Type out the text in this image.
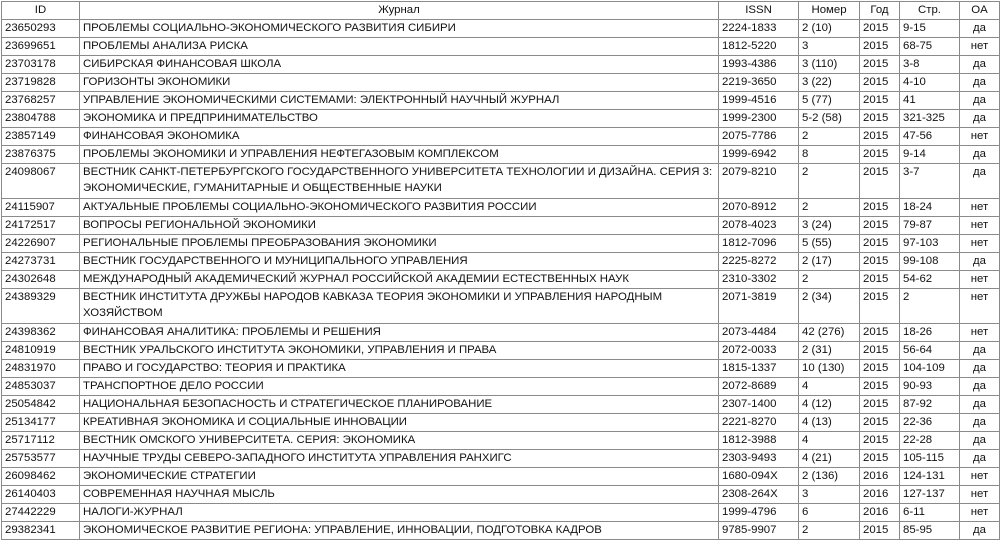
ID	Журнал	ISSN	Номер	Год	Стр.	OA
23650293	ПРОБЛЕМЫ СОЦИАЛЬНО-ЭКОНОМИЧЕСКОГО РАЗВИТИЯ СИБИРИ	2224-1833	2 (10)	2015	9-15	да
23699651	ПРОБЛЕМЫ АНАЛИЗА РИСКА	1812-5220	3	2015	68-75	нет
23703178	СИБИРСКАЯ ФИНАНСОВАЯ ШКОЛА	1993-4386	3 (110)	2015	3-8	да
23719828	ГОРИЗОНТЫ ЭКОНОМИКИ	2219-3650	3 (22)	2015	4-10	да
23768257	УПРАВЛЕНИЕ ЭКОНОМИЧЕСКИМИ СИСТЕМАМИ: ЭЛЕКТРОННЫЙ НАУЧНЫЙ ЖУРНАЛ	1999-4516	5 (77)	2015	41	да
23804788	ЭКОНОМИКА И ПРЕДПРИНИМАТЕЛЬСТВО	1999-2300	5-2 (58)	2015	321-325	да
23857149	ФИНАНСОВАЯ ЭКОНОМИКА	2075-7786	2	2015	47-56	нет
23876375	ПРОБЛЕМЫ ЭКОНОМИКИ И УПРАВЛЕНИЯ НЕФТЕГАЗОВЫМ КОМПЛЕКСОМ	1999-6942	8	2015	9-14	да
24098067	ВЕСТНИК САНКТ-ПЕТЕРБУРГСКОГО ГОСУДАРСТВЕННОГО УНИВЕРСИТЕТА ТЕХНОЛОГИИ И ДИЗАЙНА. СЕРИЯ 3: ЭКОНОМИЧЕСКИЕ, ГУМАНИТАРНЫЕ И ОБЩЕСТВЕННЫЕ НАУКИ	2079-8210	2	2015	3-7	да
24115907	АКТУАЛЬНЫЕ ПРОБЛЕМЫ СОЦИАЛЬНО-ЭКОНОМИЧЕСКОГО РАЗВИТИЯ РОССИИ	2070-8912	2	2015	18-24	нет
24172517	ВОПРОСЫ РЕГИОНАЛЬНОЙ ЭКОНОМИКИ	2078-4023	3 (24)	2015	79-87	нет
24226907	РЕГИОНАЛЬНЫЕ ПРОБЛЕМЫ ПРЕОБРАЗОВАНИЯ ЭКОНОМИКИ	1812-7096	5 (55)	2015	97-103	нет
24273731	ВЕСТНИК ГОСУДАРСТВЕННОГО И МУНИЦИПАЛЬНОГО УПРАВЛЕНИЯ	2225-8272	2 (17)	2015	99-108	да
24302648	МЕЖДУНАРОДНЫЙ АКАДЕМИЧЕСКИЙ ЖУРНАЛ РОССИЙСКОЙ АКАДЕМИИ ЕСТЕСТВЕННЫХ НАУК	2310-3302	2	2015	54-62	нет
24389329	ВЕСТНИК ИНСТИТУТА ДРУЖБЫ НАРОДОВ КАВКАЗА ТЕОРИЯ ЭКОНОМИКИ И УПРАВЛЕНИЯ НАРОДНЫМ ХОЗЯЙСТВОМ	2071-3819	2 (34)	2015	2	нет
24398362	ФИНАНСОВАЯ АНАЛИТИКА: ПРОБЛЕМЫ И РЕШЕНИЯ	2073-4484	42 (276)	2015	18-26	нет
24810919	ВЕСТНИК УРАЛЬСКОГО ИНСТИТУТА ЭКОНОМИКИ, УПРАВЛЕНИЯ И ПРАВА	2072-0033	2 (31)	2015	56-64	да
24831970	ПРАВО И ГОСУДАРСТВО: ТЕОРИЯ И ПРАКТИКА	1815-1337	10 (130)	2015	104-109	да
24853037	ТРАНСПОРТНОЕ ДЕЛО РОССИИ	2072-8689	4	2015	90-93	да
25054842	НАЦИОНАЛЬНАЯ БЕЗОПАСНОСТЬ И СТРАТЕГИЧЕСКОЕ ПЛАНИРОВАНИЕ	2307-1400	4 (12)	2015	87-92	да
25134177	КРЕАТИВНАЯ ЭКОНОМИКА И СОЦИАЛЬНЫЕ ИННОВАЦИИ	2221-8270	4 (13)	2015	22-36	да
25717112	ВЕСТНИК ОМСКОГО УНИВЕРСИТЕТА. СЕРИЯ: ЭКОНОМИКА	1812-3988	4	2015	22-28	да
25753577	НАУЧНЫЕ ТРУДЫ СЕВЕРО-ЗАПАДНОГО ИНСТИТУТА УПРАВЛЕНИЯ РАНХИГС	2303-9493	4 (21)	2015	105-115	да
26098462	ЭКОНОМИЧЕСКИЕ СТРАТЕГИИ	1680-094X	2 (136)	2016	124-131	нет
26140403	СОВРЕМЕННАЯ НАУЧНАЯ МЫСЛЬ	2308-264X	3	2016	127-137	нет
27442229	НАЛОГИ-ЖУРНАЛ	1999-4796	6	2016	6-11	нет
29382341	ЭКОНОМИЧЕСКОЕ РАЗВИТИЕ РЕГИОНА: УПРАВЛЕНИЕ, ИННОВАЦИИ, ПОДГОТОВКА КАДРОВ	9785-9907	2	2015	85-95	да
